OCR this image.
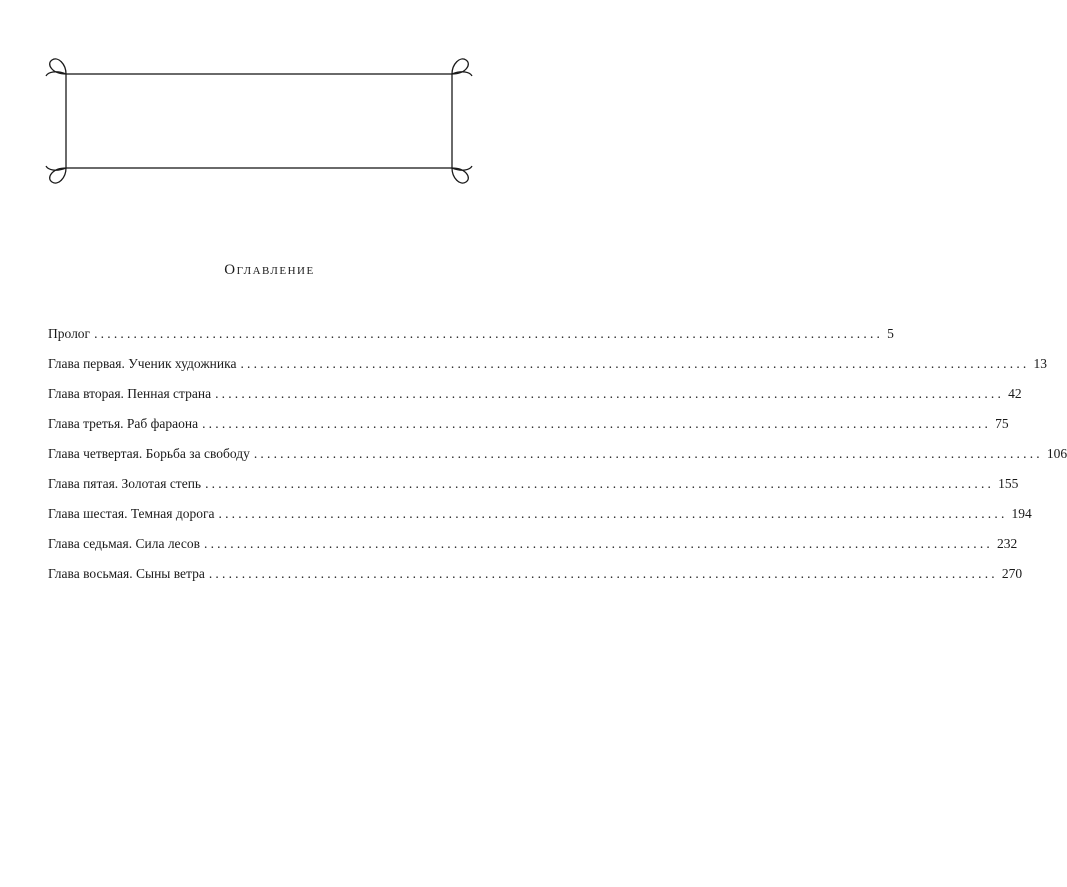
Оглавление
Пролог ........................................................................................................................ 5
Глава первая. Ученик художника ........................................................................................................................ 13
Глава вторая. Пенная страна ........................................................................................................................ 42
Глава третья. Раб фараона ........................................................................................................................ 75
Глава четвертая. Борьба за свободу ........................................................................................................................ 106
Глава пятая. Золотая степь ........................................................................................................................ 155
Глава шестая. Темная дорога ........................................................................................................................ 194
Глава седьмая. Сила лесов ........................................................................................................................ 232
Глава восьмая. Сыны ветра ........................................................................................................................ 270
